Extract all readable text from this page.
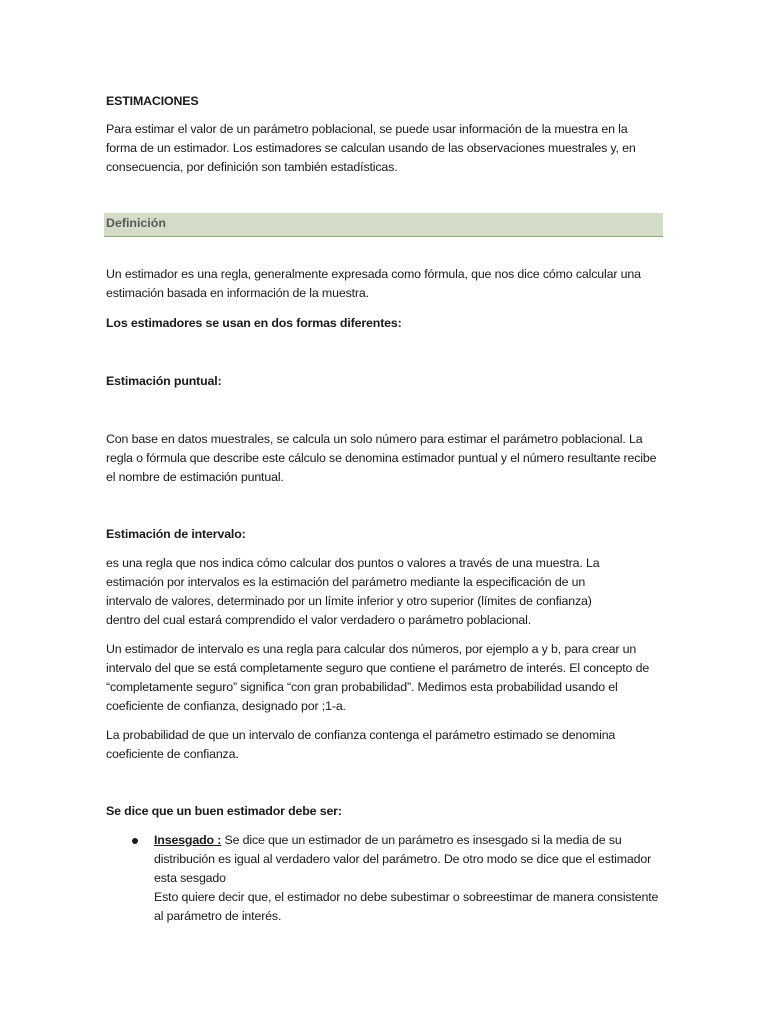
ESTIMACIONES

Para estimar el valor de un parámetro poblacional, se puede usar información de la muestra en la forma de un estimador. Los estimadores se calculan usando de las observaciones muestrales y, en consecuencia, por definición son también estadísticas.

Definición

Un estimador es una regla, generalmente expresada como fórmula, que nos dice cómo calcular una estimación basada en información de la muestra.

Los estimadores se usan en dos formas diferentes:

Estimación puntual:

Con base en datos muestrales, se calcula un solo número para estimar el parámetro poblacional. La regla o fórmula que describe este cálculo se denomina estimador puntual y el número resultante recibe el nombre de estimación puntual.

Estimación de intervalo:

es una regla que nos indica cómo calcular dos puntos o valores a través de una muestra. La estimación por intervalos es la estimación del parámetro mediante la especificación de un intervalo de valores, determinado por un límite inferior y otro superior (límites de confianza) dentro del cual estará comprendido el valor verdadero o parámetro poblacional.

Un estimador de intervalo es una regla para calcular dos números, por ejemplo a y b, para crear un intervalo del que se está completamente seguro que contiene el parámetro de interés. El concepto de “completamente seguro” significa “con gran probabilidad”. Medimos esta probabilidad usando el coeficiente de confianza, designado por ;1-a.

La probabilidad de que un intervalo de confianza contenga el parámetro estimado se denomina coeficiente de confianza.

Se dice que un buen estimador debe ser:

Insesgado : Se dice que un estimador de un parámetro es insesgado si la media de su distribución es igual al verdadero valor del parámetro. De otro modo se dice que el estimador esta sesgado
Esto quiere decir que, el estimador no debe subestimar o sobreestimar de manera consistente al parámetro de interés.
